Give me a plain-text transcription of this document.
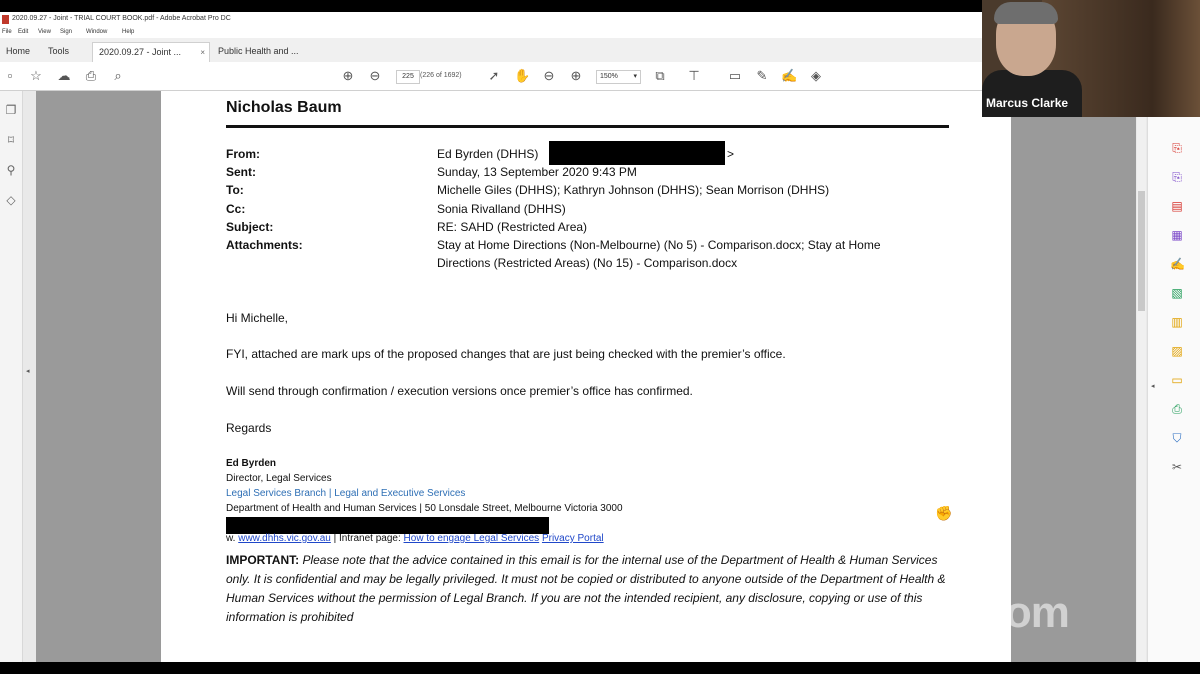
2020.09.27 - Joint - TRIAL COURT BOOK.pdf - Adobe Acrobat Pro DC
File Edit View Sign Window Help
Home	Tools	2020.09.27 - Joint ... ×	Public Health and ...
▫	☆ ☁ ⎙	⌕	⊕ ⊖	225 (226 of 1692) ➚ ✋ ⊖ ⊕	150% ▾ ⧉ ⊤ ▭ ✎ ✍ ◈
❐
⌑
⚲
◇
◂
Nicholas Baum
From:	Ed Byrden (DHHS)	>
Sent:	Sunday, 13 September 2020 9:43 PM
To:	Michelle Giles (DHHS); Kathryn Johnson (DHHS); Sean Morrison (DHHS)
Cc:	Sonia Rivalland (DHHS)
Subject:	RE: SAHD (Restricted Area)
Attachments:	Stay at Home Directions (Non-Melbourne) (No 5) - Comparison.docx; Stay at Home
Directions (Restricted Areas) (No 15) - Comparison.docx
Hi Michelle,
FYI, attached are mark ups of the proposed changes that are just being checked with the premier’s office.
Will send through confirmation / execution versions once premier’s office has confirmed.
Regards
Ed Byrden
Director, Legal Services
Legal Services Branch | Legal and Executive Services
Department of Health and Human Services | 50 Lonsdale Street, Melbourne Victoria 3000
w. www.dhhs.vic.gov.au | Intranet page: How to engage Legal Services Privacy Portal
IMPORTANT: Please note that the advice contained in this email is for the internal use of the Department of Health & Human Services only. It is confidential and may be legally privileged. It must not be copied or distributed to anyone outside of the Department of Health & Human Services without the permission of Legal Branch. If you are not the intended recipient, any disclosure, copying or use of this information is prohibited
⎘
⎘
▤
▦
✍
▧
▥
▨
▭
⎙
⛉
✂
◂
Marcus Clarke
✊
zoom
